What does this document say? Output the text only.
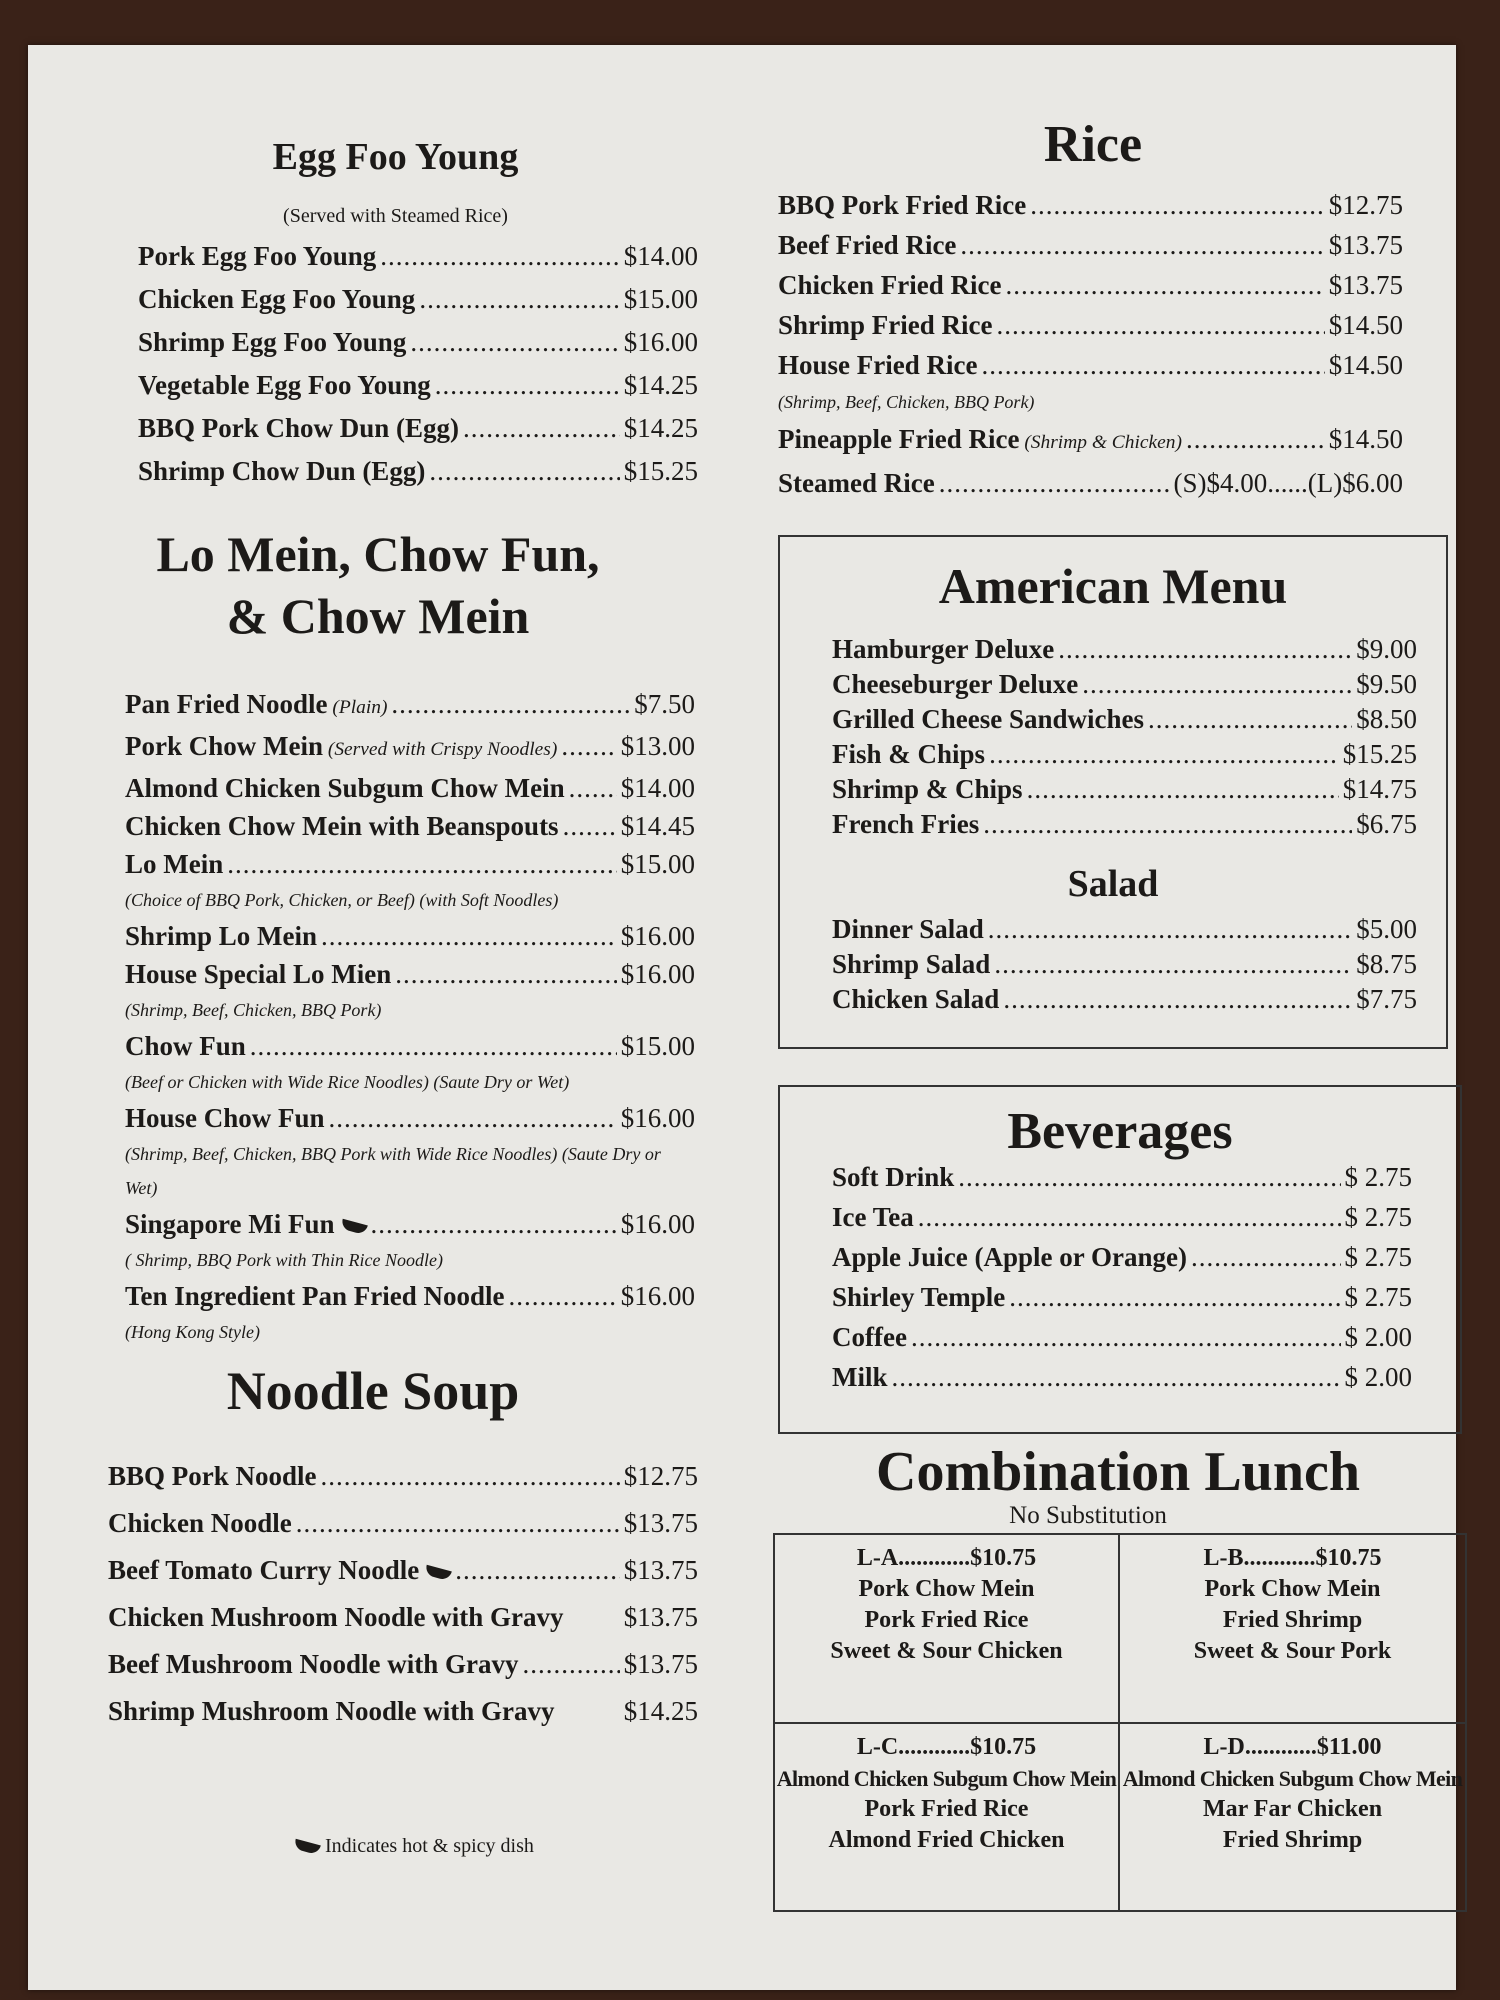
Egg Foo Young
(Served with Steamed Rice)
Pork Egg Foo Young .....	$14.00
Chicken Egg Foo Young .....	$15.00
Shrimp Egg Foo Young .....	$16.00
Vegetable Egg Foo Young .....	$14.25
BBQ Pork Chow Dun (Egg) .....	$14.25
Shrimp Chow Dun (Egg) .....	$15.25
Lo Mein, Chow Fun,
& Chow Mein
Pan Fried Noodle (Plain) .....	$7.50
Pork Chow Mein (Served with Crispy Noodles) ..... $13.00
Almond Chicken Subgum Chow Mein ..... $14.00
Chicken Chow Mein with Beanspouts ..... $14.45
Lo Mein .....	$15.00
(Choice of BBQ Pork, Chicken, or Beef) (with Soft Noodles)
Shrimp Lo Mein .....	$16.00
House Special Lo Mien .....	$16.00
(Shrimp, Beef, Chicken, BBQ Pork)
Chow Fun .....	$15.00
(Beef or Chicken with Wide Rice Noodles) (Saute Dry or Wet)
House Chow Fun .....	$16.00
(Shrimp, Beef, Chicken, BBQ Pork with Wide Rice Noodles) (Saute Dry or Wet)
Singapore Mi Fun .....	$16.00
( Shrimp, BBQ Pork with Thin Rice Noodle)
Ten Ingredient Pan Fried Noodle .....	$16.00
(Hong Kong Style)
Noodle Soup
BBQ Pork Noodle .....	$12.75
Chicken Noodle .....	$13.75
Beef Tomato Curry Noodle .....	$13.75
Chicken Mushroom Noodle with Gravy $13.75
Beef Mushroom Noodle with Gravy .....	$13.75
Shrimp Mushroom Noodle with Gravy	$14.25
Indicates hot & spicy dish
Rice
BBQ Pork Fried Rice .....	$12.75
Beef Fried Rice .....	$13.75
Chicken Fried Rice .....	$13.75
Shrimp Fried Rice .....	$14.50
House Fried Rice .....	$14.50
(Shrimp, Beef, Chicken, BBQ Pork)
Pineapple Fried Rice (Shrimp & Chicken) .....	$14.50
Steamed Rice .....	(S)$4.00......(L)$6.00
American Menu
Hamburger Deluxe .....	$9.00
Cheeseburger Deluxe .....	$9.50
Grilled Cheese Sandwiches .....	$8.50
Fish & Chips .....	$15.25
Shrimp & Chips .....	$14.75
French Fries .....	$6.75
Salad
Dinner Salad .....	$5.00
Shrimp Salad .....	$8.75
Chicken Salad .....	$7.75
Beverages
Soft Drink .....	$ 2.75
Ice Tea .....	$ 2.75
Apple Juice (Apple or Orange) .....	$ 2.75
Shirley Temple .....	$ 2.75
Coffee .....	$ 2.00
Milk .....	$ 2.00
Combination Lunch
No Substitution
L-A............$10.75
Pork Chow Mein
Pork Fried Rice
Sweet & Sour Chicken
L-B............$10.75
Pork Chow Mein
Fried Shrimp
Sweet & Sour Pork
L-C............$10.75
Almond Chicken Subgum Chow Mein
Pork Fried Rice
Almond Fried Chicken
L-D............$11.00
Almond Chicken Subgum Chow Mein
Mar Far Chicken
Fried Shrimp
